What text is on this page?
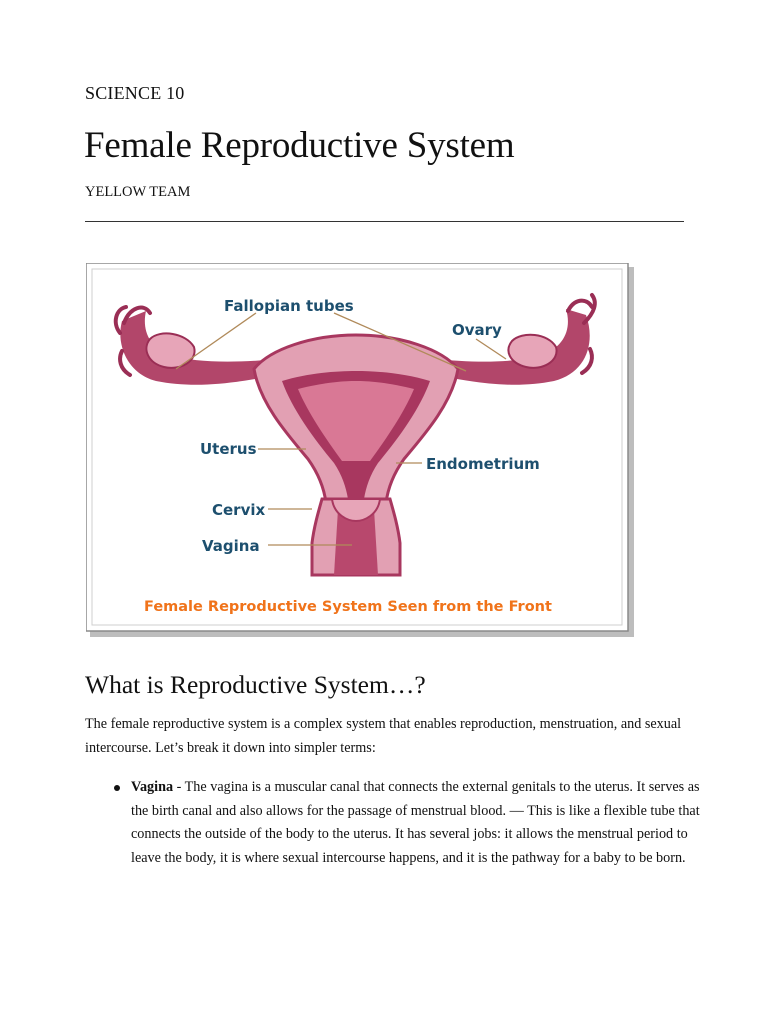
SCIENCE 10

Female Reproductive System

YELLOW TEAM

Fallopian tubes
Ovary
Uterus
Endometrium
Cervix
Vagina
Female Reproductive System Seen from the Front
What is Reproductive System…?

The female reproductive system is a complex system that enables reproduction, menstruation, and sexual intercourse. Let’s break it down into simpler terms:

Vagina - The vagina is a muscular canal that connects the external genitals to the uterus. It serves as the birth canal and also allows for the passage of menstrual blood. — This is like a flexible tube that connects the outside of the body to the uterus. It has several jobs: it allows the menstrual period to leave the body, it is where sexual intercourse happens, and it is the pathway for a baby to be born.
